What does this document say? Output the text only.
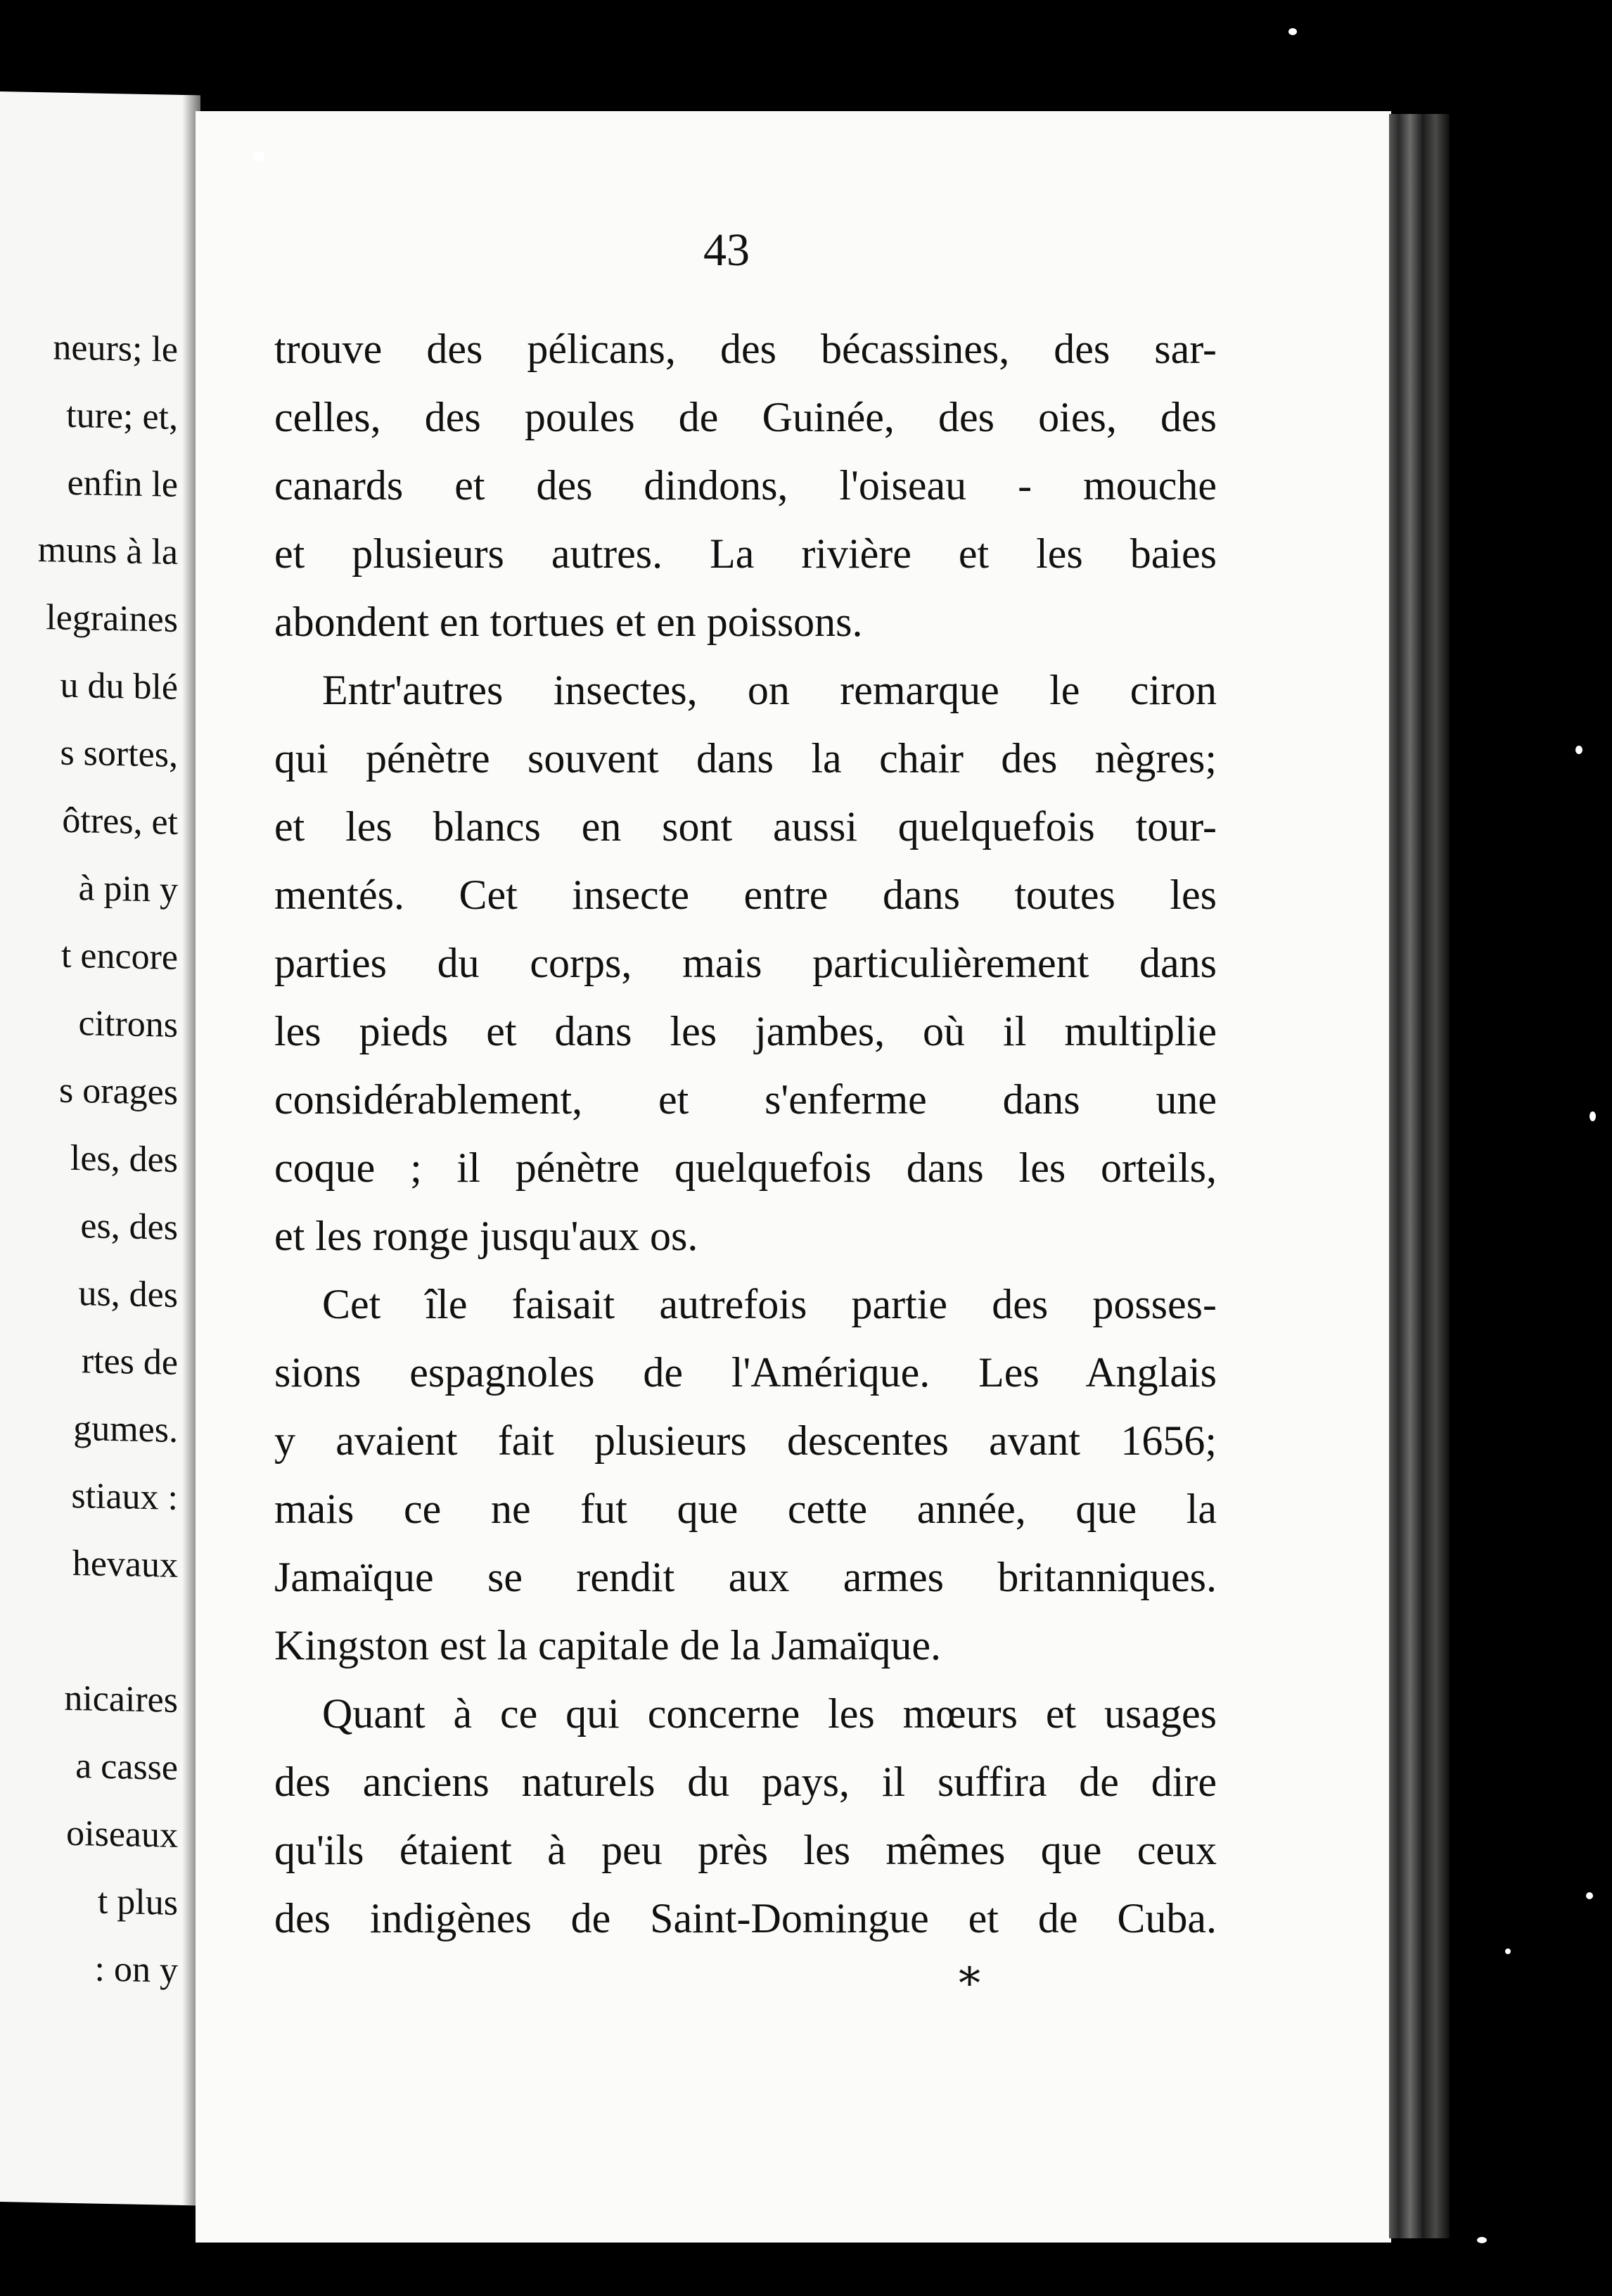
neurs; le
ture; et,
enfin le
muns à la
legraines
u du blé
s sortes,
ôtres, et
à pin y
t encore
citrons
s orages
les, des
es, des
us, des
rtes de
gumes.
stiaux :
hevaux
nicaires
a casse
oiseaux
t plus
: on y
43
trouve des pélicans, des bécassines, des sar-
celles, des poules de Guinée, des oies, des
canards et des dindons, l'oiseau - mouche
et plusieurs autres. La rivière et les baies
abondent en tortues et en poissons.
Entr'autres insectes, on remarque le ciron
qui pénètre souvent dans la chair des nègres;
et les blancs en sont aussi quelquefois tour-
mentés. Cet insecte entre dans toutes les
parties du corps, mais particulièrement dans
les pieds et dans les jambes, où il multiplie
considérablement, et s'enferme dans une
coque ; il pénètre quelquefois dans les orteils,
et les ronge jusqu'aux os.
Cet île faisait autrefois partie des posses-
sions espagnoles de l'Amérique. Les Anglais
y avaient fait plusieurs descentes avant 1656;
mais ce ne fut que cette année, que la
Jamaïque se rendit aux armes britanniques.
Kingston est la capitale de la Jamaïque.
Quant à ce qui concerne les mœurs et usages
des anciens naturels du pays, il suffira de dire
qu'ils étaient à peu près les mêmes que ceux
des indigènes de Saint-Domingue et de Cuba.
*
